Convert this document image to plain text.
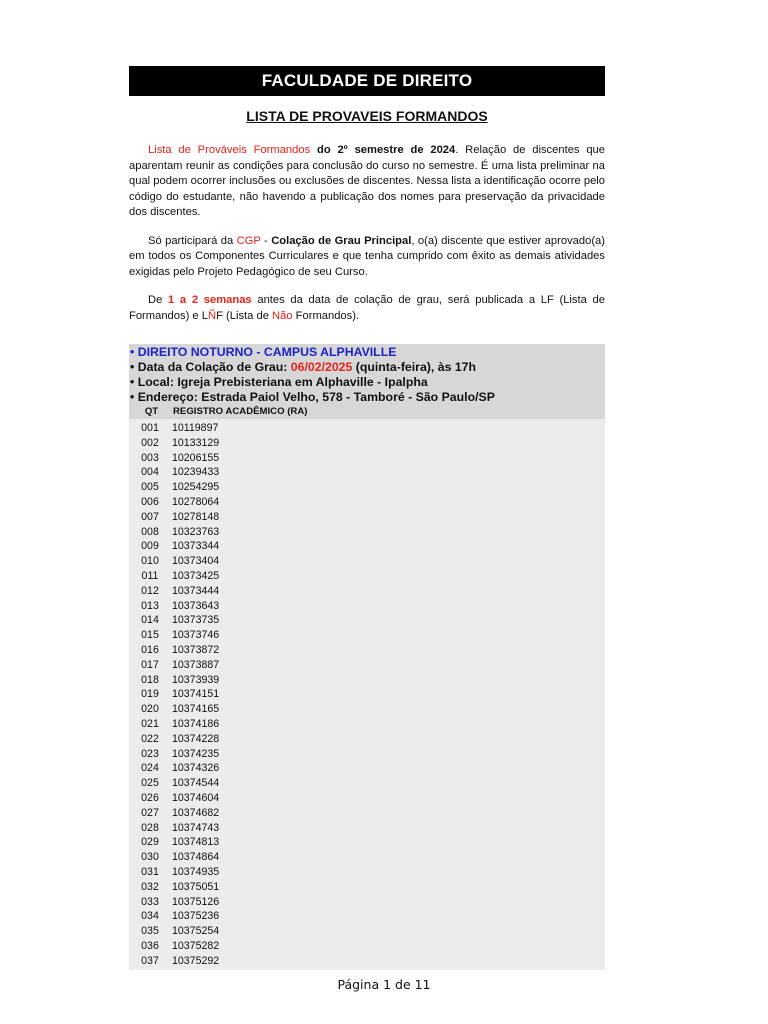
FACULDADE DE DIREITO
LISTA DE PROVAVEIS FORMANDOS

Lista de Prováveis Formandos do 2º semestre de 2024. Relação de discentes que aparentam reunir as condições para conclusão do curso no semestre. É uma lista preliminar na qual podem ocorrer inclusões ou exclusões de discentes. Nessa lista a identificação ocorre pelo código do estudante, não havendo a publicação dos nomes para preservação da privacidade dos discentes.

Só participará da CGP - Colação de Grau Principal, o(a) discente que estiver aprovado(a) em todos os Componentes Curriculares e que tenha cumprido com êxito as demais atividades exigidas pelo Projeto Pedagógico de seu Curso.

De 1 a 2 semanas antes da data de colação de grau, será publicada a LF (Lista de Formandos) e LÑF (Lista de Não Formandos).

• DIREITO NOTURNO - CAMPUS ALPHAVILLE
• Data da Colação de Grau: 06/02/2025 (quinta-feira), às 17h
• Local: Igreja Prebisteriana em Alphaville - Ipalpha
• Endereço: Estrada Paiol Velho, 578 - Tamboré - São Paulo/SP
QT	REGISTRO ACADÊMICO (RA)
001	10119897
002	10133129
003	10206155
004	10239433
005	10254295
006	10278064
007	10278148
008	10323763
009	10373344
010	10373404
011	10373425
012	10373444
013	10373643
014	10373735
015	10373746
016	10373872
017	10373887
018	10373939
019	10374151
020	10374165
021	10374186
022	10374228
023	10374235
024	10374326
025	10374544
026	10374604
027	10374682
028	10374743
029	10374813
030	10374864
031	10374935
032	10375051
033	10375126
034	10375236
035	10375254
036	10375282
037	10375292
Página 1 de 11
